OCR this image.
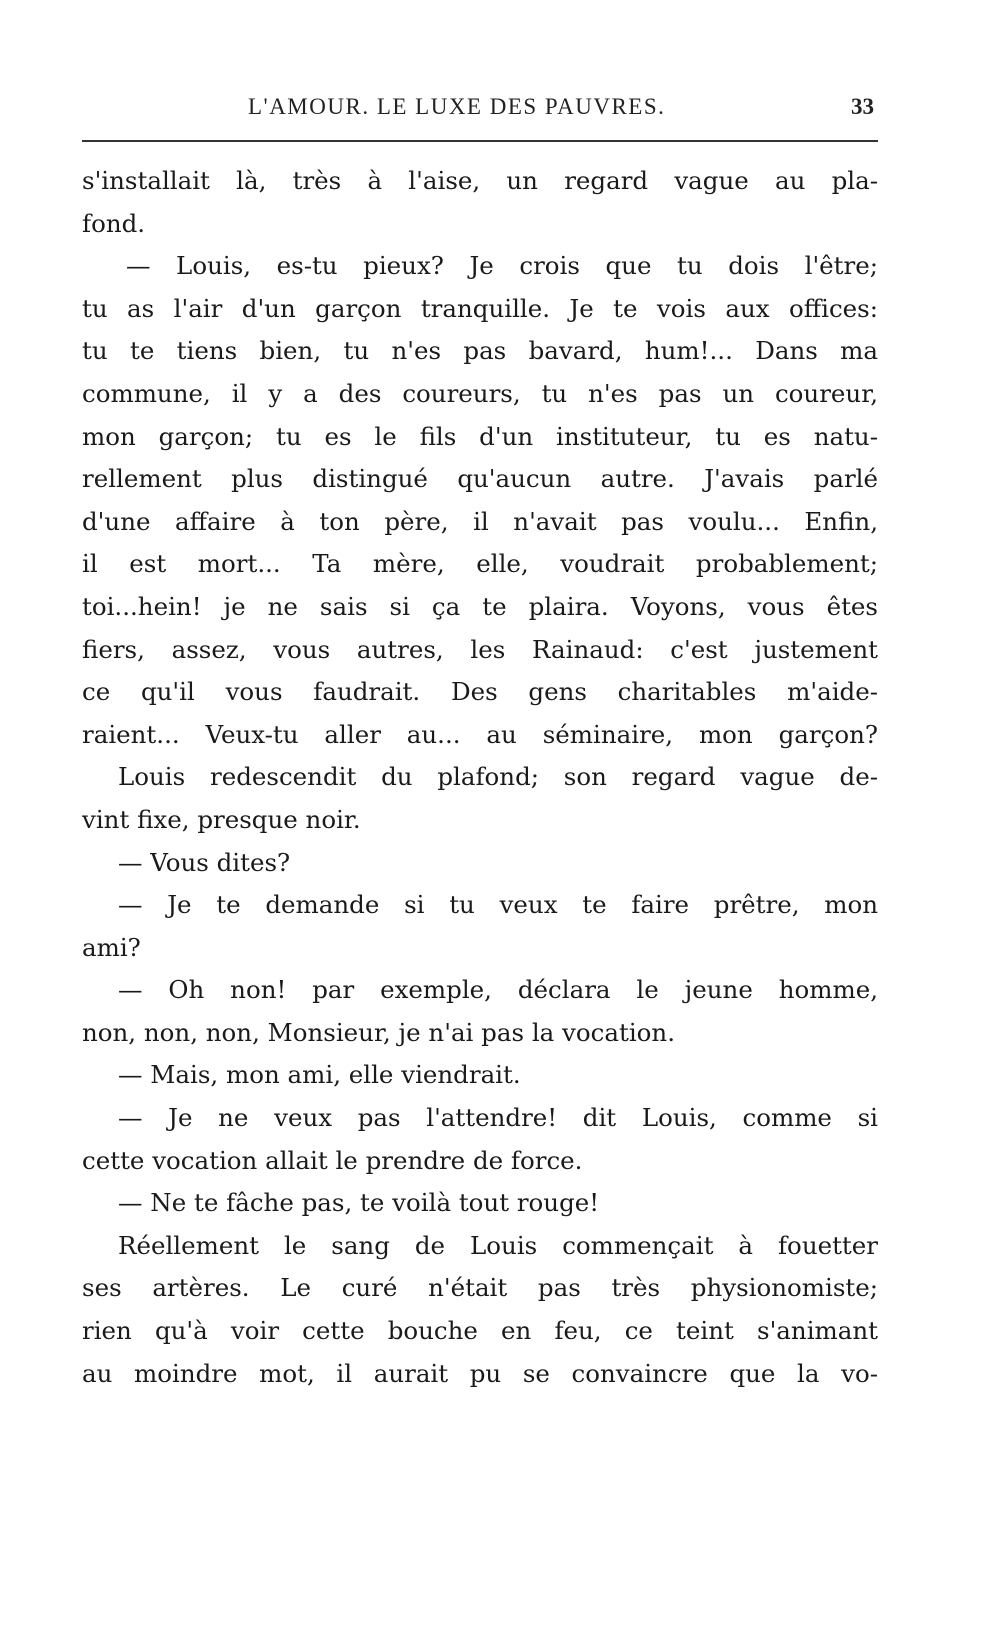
L'AMOUR. LE LUXE DES PAUVRES.	33
s'installait là, très à l'aise, un regard vague au pla-
fond.
— Louis, es-tu pieux? Je crois que tu dois l'être;
tu as l'air d'un garçon tranquille. Je te vois aux offices:
tu te tiens bien, tu n'es pas bavard, hum!... Dans ma
commune, il y a des coureurs, tu n'es pas un coureur,
mon garçon; tu es le fils d'un instituteur, tu es natu-
rellement plus distingué qu'aucun autre. J'avais parlé
d'une affaire à ton père, il n'avait pas voulu... Enfin,
il est mort... Ta mère, elle, voudrait probablement;
toi...hein! je ne sais si ça te plaira. Voyons, vous êtes
fiers, assez, vous autres, les Rainaud: c'est justement
ce qu'il vous faudrait. Des gens charitables m'aide-
raient... Veux-tu aller au... au séminaire, mon garçon?
Louis redescendit du plafond; son regard vague de-
vint fixe, presque noir.
— Vous dites?
— Je te demande si tu veux te faire prêtre, mon
ami?
— Oh non! par exemple, déclara le jeune homme,
non, non, non, Monsieur, je n'ai pas la vocation.
— Mais, mon ami, elle viendrait.
— Je ne veux pas l'attendre! dit Louis, comme si
cette vocation allait le prendre de force.
— Ne te fâche pas, te voilà tout rouge!
Réellement le sang de Louis commençait à fouetter
ses artères. Le curé n'était pas très physionomiste;
rien qu'à voir cette bouche en feu, ce teint s'animant
au moindre mot, il aurait pu se convaincre que la vo-
